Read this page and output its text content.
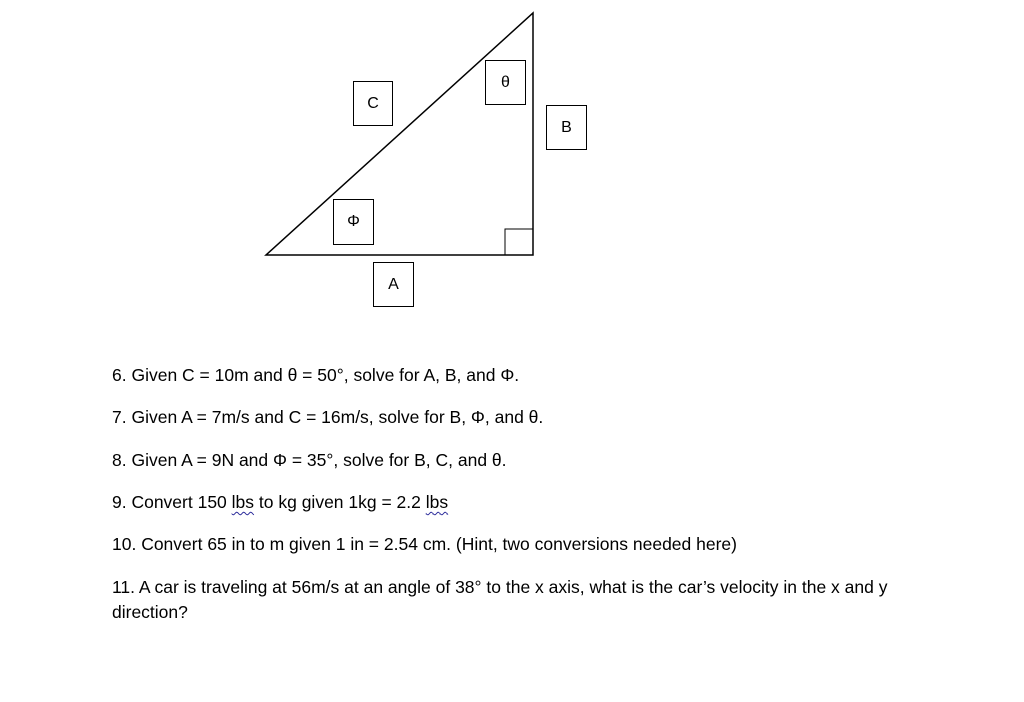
C
θ
B
Φ
A
6. Given C = 10m and θ = 50°, solve for A, B, and Φ.
7. Given A = 7m/s and C = 16m/s, solve for B, Φ, and θ.
8. Given A = 9N and Φ = 35°, solve for B, C, and θ.
9. Convert 150 lbs to kg given 1kg = 2.2 lbs
10. Convert 65 in to m given 1 in = 2.54 cm. (Hint, two conversions needed here)
11. A car is traveling at 56m/s at an angle of 38° to the x axis, what is the car’s velocity in the x and y direction?
